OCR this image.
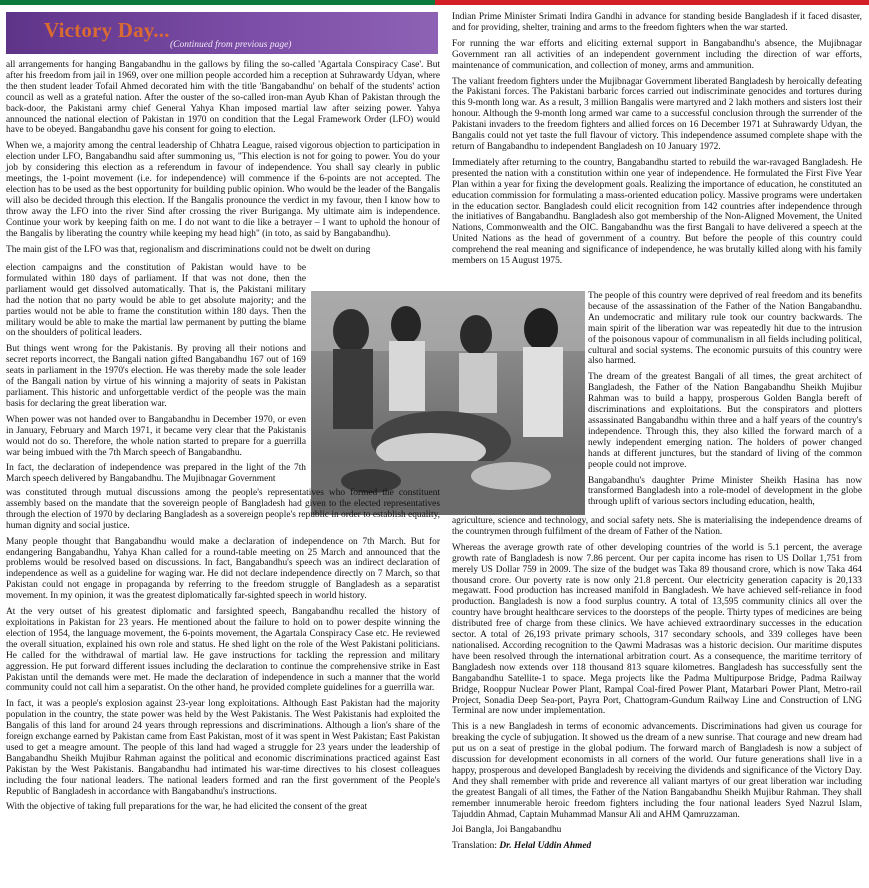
Victory Day...
(Continued from previous page)

all arrangements for hanging Bangabandhu in the gallows by filing the so-called 'Agartala Conspiracy Case'. But after his freedom from jail in 1969, over one million people accorded him a reception at Suhrawardy Udyan, where the then student leader Tofail Ahmed decorated him with the title 'Bangabandhu' on behalf of the students' action council as well as a grateful nation. After the ouster of the so-called iron-man Ayub Khan of Pakistan through the back-door, the Pakistani army chief General Yahya Khan imposed martial law after seizing power. Yahya announced the national election of Pakistan in 1970 on condition that the Legal Framework Order (LFO) would have to be obeyed. Bangabandhu gave his consent for going to election.

When we, a majority among the central leadership of Chhatra League, raised vigorous objection to participation in election under LFO, Bangabandhu said after summoning us, "This election is not for going to power. You do your job by considering this election as a referendum in favour of independence. You shall say clearly in public meetings, the 1-point movement (i.e. for independence) will commence if the 6-points are not accepted. The election has to be used as the best opportunity for building public opinion. Who would be the leader of the Bangalis will also be decided through this election. If the Bangalis pronounce the verdict in my favour, then I know how to throw away the LFO into the river Sind after crossing the river Buriganga. My ultimate aim is independence. Continue your work by keeping faith on me. I do not want to die like a betrayer – I want to uphold the honour of the Bangalis by liberating the country while keeping my head high" (in toto, as said by Bangabandhu).

The main gist of the LFO was that, regionalism and discriminations could not be dwelt on during

election campaigns and the constitution of Pakistan would have to be formulated within 180 days of parliament. If that was not done, then the parliament would get dissolved automatically. That is, the Pakistani military had the notion that no party would be able to get absolute majority; and the parties would not be able to frame the constitution within 180 days. Then the military would be able to make the martial law permanent by putting the blame on the shoulders of political leaders.

But things went wrong for the Pakistanis. By proving all their notions and secret reports incorrect, the Bangali nation gifted Bangabandhu 167 out of 169 seats in parliament in the 1970's election. He was thereby made the sole leader of the Bangali nation by virtue of his winning a majority of seats in Pakistan parliament. This historic and unforgettable verdict of the people was the main basis for declaring the great liberation war.

When power was not handed over to Bangabandhu in December 1970, or even in January, February and March 1971, it became very clear that the Pakistanis would not do so. Therefore, the whole nation started to prepare for a guerrilla war being imbued with the 7th March speech of Bangabandhu.

In fact, the declaration of independence was prepared in the light of the 7th March speech delivered by Bangabandhu. The Mujibnagar Government

The people of this country were deprived of real freedom and its benefits because of the assassination of the Father of the Nation Bangabandhu. An undemocratic and military rule took our country backwards. The main spirit of the liberation war was repeatedly hit due to the intrusion of the poisonous vapour of communalism in all fields including political, cultural and social systems. The economic pursuits of this country were also harmed.

The dream of the greatest Bangali of all times, the great architect of Bangladesh, the Father of the Nation Bangabandhu Sheikh Mujibur Rahman was to build a happy, prosperous Golden Bangla bereft of discriminations and exploitations. But the conspirators and plotters assassinated Bangabandhu within three and a half years of the country's independence. Through this, they also killed the forward march of a newly independent emerging nation. The holders of power changed hands at different junctures, but the standard of living of the common people could not improve.

Bangabandhu's daughter Prime Minister Sheikh Hasina has now transformed Bangladesh into a role-model of development in the globe through uplift of various sectors including education, health,

was constituted through mutual discussions among the people's representatives who formed the constituent assembly based on the mandate that the sovereign people of Bangladesh had given to the elected representatives through the election of 1970 by declaring Bangladesh as a sovereign people's republic in order to establish equality, human dignity and social justice.

Many people thought that Bangabandhu would make a declaration of independence on 7th March. But for endangering Bangabandhu, Yahya Khan called for a round-table meeting on 25 March and announced that the problems would be resolved based on discussions. In fact, Bangabandhu's speech was an indirect declaration of independence as well as a guideline for waging war. He did not declare independence directly on 7 March, so that Pakistan could not engage in propaganda by referring to the freedom struggle of Bangladesh as a separatist movement. In my opinion, it was the greatest diplomatically far-sighted speech in world history.

At the very outset of his greatest diplomatic and farsighted speech, Bangabandhu recalled the history of exploitations in Pakistan for 23 years. He mentioned about the failure to hold on to power despite winning the election of 1954, the language movement, the 6-points movement, the Agartala Conspiracy Case etc. He reviewed the overall situation, explained his own role and status. He shed light on the role of the West Pakistani politicians. He called for the withdrawal of martial law. He gave instructions for tackling the repression and military aggression. He put forward different issues including the declaration to continue the comprehensive strike in East Pakistan until the demands were met. He made the declaration of independence in such a manner that the world community could not call him a separatist. On the other hand, he provided complete guidelines for a guerrilla war.

In fact, it was a people's explosion against 23-year long exploitations. Although East Pakistan had the majority population in the country, the state power was held by the West Pakistanis. The West Pakistanis had exploited the Bangalis of this land for around 24 years through repressions and discriminations. Although a lion's share of the foreign exchange earned by Pakistan came from East Pakistan, most of it was spent in West Pakistan; East Pakistan used to get a meagre amount. The people of this land had waged a struggle for 23 years under the leadership of Bangabandhu Sheikh Mujibur Rahman against the political and economic discriminations practiced against East Pakistan by the West Pakistanis. Bangabandhu had intimated his war-time directives to his closest colleagues including the four national leaders. The national leaders formed and ran the first government of the People's Republic of Bangladesh in accordance with Bangabandhu's instructions.

With the objective of taking full preparations for the war, he had elicited the consent of the great

Indian Prime Minister Srimati Indira Gandhi in advance for standing beside Bangladesh if it faced disaster, and for providing, shelter, training and arms to the freedom fighters when the war started.

For running the war efforts and eliciting external support in Bangabandhu's absence, the Mujibnagar Government ran all activities of an independent government including the direction of war efforts, maintenance of communication, and collection of money, arms and ammunition.

The valiant freedom fighters under the Mujibnagar Government liberated Bangladesh by heroically defeating the Pakistani forces. The Pakistani barbaric forces carried out indiscriminate genocides and tortures during this 9-month long war. As a result, 3 million Bangalis were martyred and 2 lakh mothers and sisters lost their honour. Although the 9-month long armed war came to a successful conclusion through the surrender of the Pakistani invaders to the freedom fighters and allied forces on 16 December 1971 at Suhrawardy Udyan, the Bangalis could not yet taste the full flavour of victory. This independence assumed complete shape with the return of Bangabandhu to independent Bangladesh on 10 January 1972.

Immediately after returning to the country, Bangabandhu started to rebuild the war-ravaged Bangladesh. He presented the nation with a constitution within one year of independence. He formulated the First Five Year Plan within a year for fixing the development goals. Realizing the importance of education, he constituted an education commission for formulating a mass-oriented education policy. Massive programs were undertaken in the education sector. Bangladesh could elicit recognition from 142 countries after independence through the initiatives of Bangabandhu. Bangladesh also got membership of the Non-Aligned Movement, the United Nations, Commonwealth and the OIC. Bangabandhu was the first Bangali to have delivered a speech at the United Nations as the head of government of a country. But before the people of this country could comprehend the real meaning and significance of independence, he was brutally killed along with his family members on 15 August 1975.

agriculture, science and technology, and social safety nets. She is materialising the independence dreams of the countrymen through fulfilment of the dream of Father of the Nation.

Whereas the average growth rate of other developing countries of the world is 5.1 percent, the average growth rate of Bangladesh is now 7.86 percent. Our per capita income has risen to US Dollar 1,751 from merely US Dollar 759 in 2009. The size of the budget was Taka 89 thousand crore, which is now Taka 464 thousand crore. Our poverty rate is now only 21.8 percent. Our electricity generation capacity is 20,133 megawatt. Food production has increased manifold in Bangladesh. We have achieved self-reliance in food production. Bangladesh is now a food surplus country. A total of 13,595 community clinics all over the country have brought healthcare services to the doorsteps of the people. Thirty types of medicines are being distributed free of charge from these clinics. We have achieved extraordinary successes in the education sector. A total of 26,193 private primary schools, 317 secondary schools, and 339 colleges have been nationalised. According recognition to the Qawmi Madrasas was a historic decision. Our maritime disputes have been resolved through the international arbitration court. As a consequence, the maritime territory of Bangladesh now extends over 118 thousand 813 square kilometres. Bangladesh has successfully sent the Bangabandhu Satellite-1 to space. Mega projects like the Padma Multipurpose Bridge, Padma Railway Bridge, Rooppur Nuclear Power Plant, Rampal Coal-fired Power Plant, Matarbari Power Plant, Metro-rail Project, Sonadia Deep Sea-port, Payra Port, Chattogram-Gundum Railway Line and Construction of LNG Terminal are now under implementation.

This is a new Bangladesh in terms of economic advancements. Discriminations had given us courage for breaking the cycle of subjugation. It showed us the dream of a new sunrise. That courage and new dream had put us on a seat of prestige in the global podium. The forward march of Bangladesh is now a subject of discussion for development economists in all corners of the world. Our future generations shall live in a happy, prosperous and developed Bangladesh by receiving the dividends and significance of the Victory Day. And they shall remember with pride and reverence all valiant martyrs of our great liberation war including the greatest Bangali of all times, the Father of the Nation Bangabandhu Sheikh Mujibur Rahman. They shall remember innumerable heroic freedom fighters including the four national leaders Syed Nazrul Islam, Tajuddin Ahmad, Captain Muhammad Mansur Ali and AHM Qamruzzaman.

Joi Bangla, Joi Bangabandhu

Translation: Dr. Helal Uddin Ahmed
